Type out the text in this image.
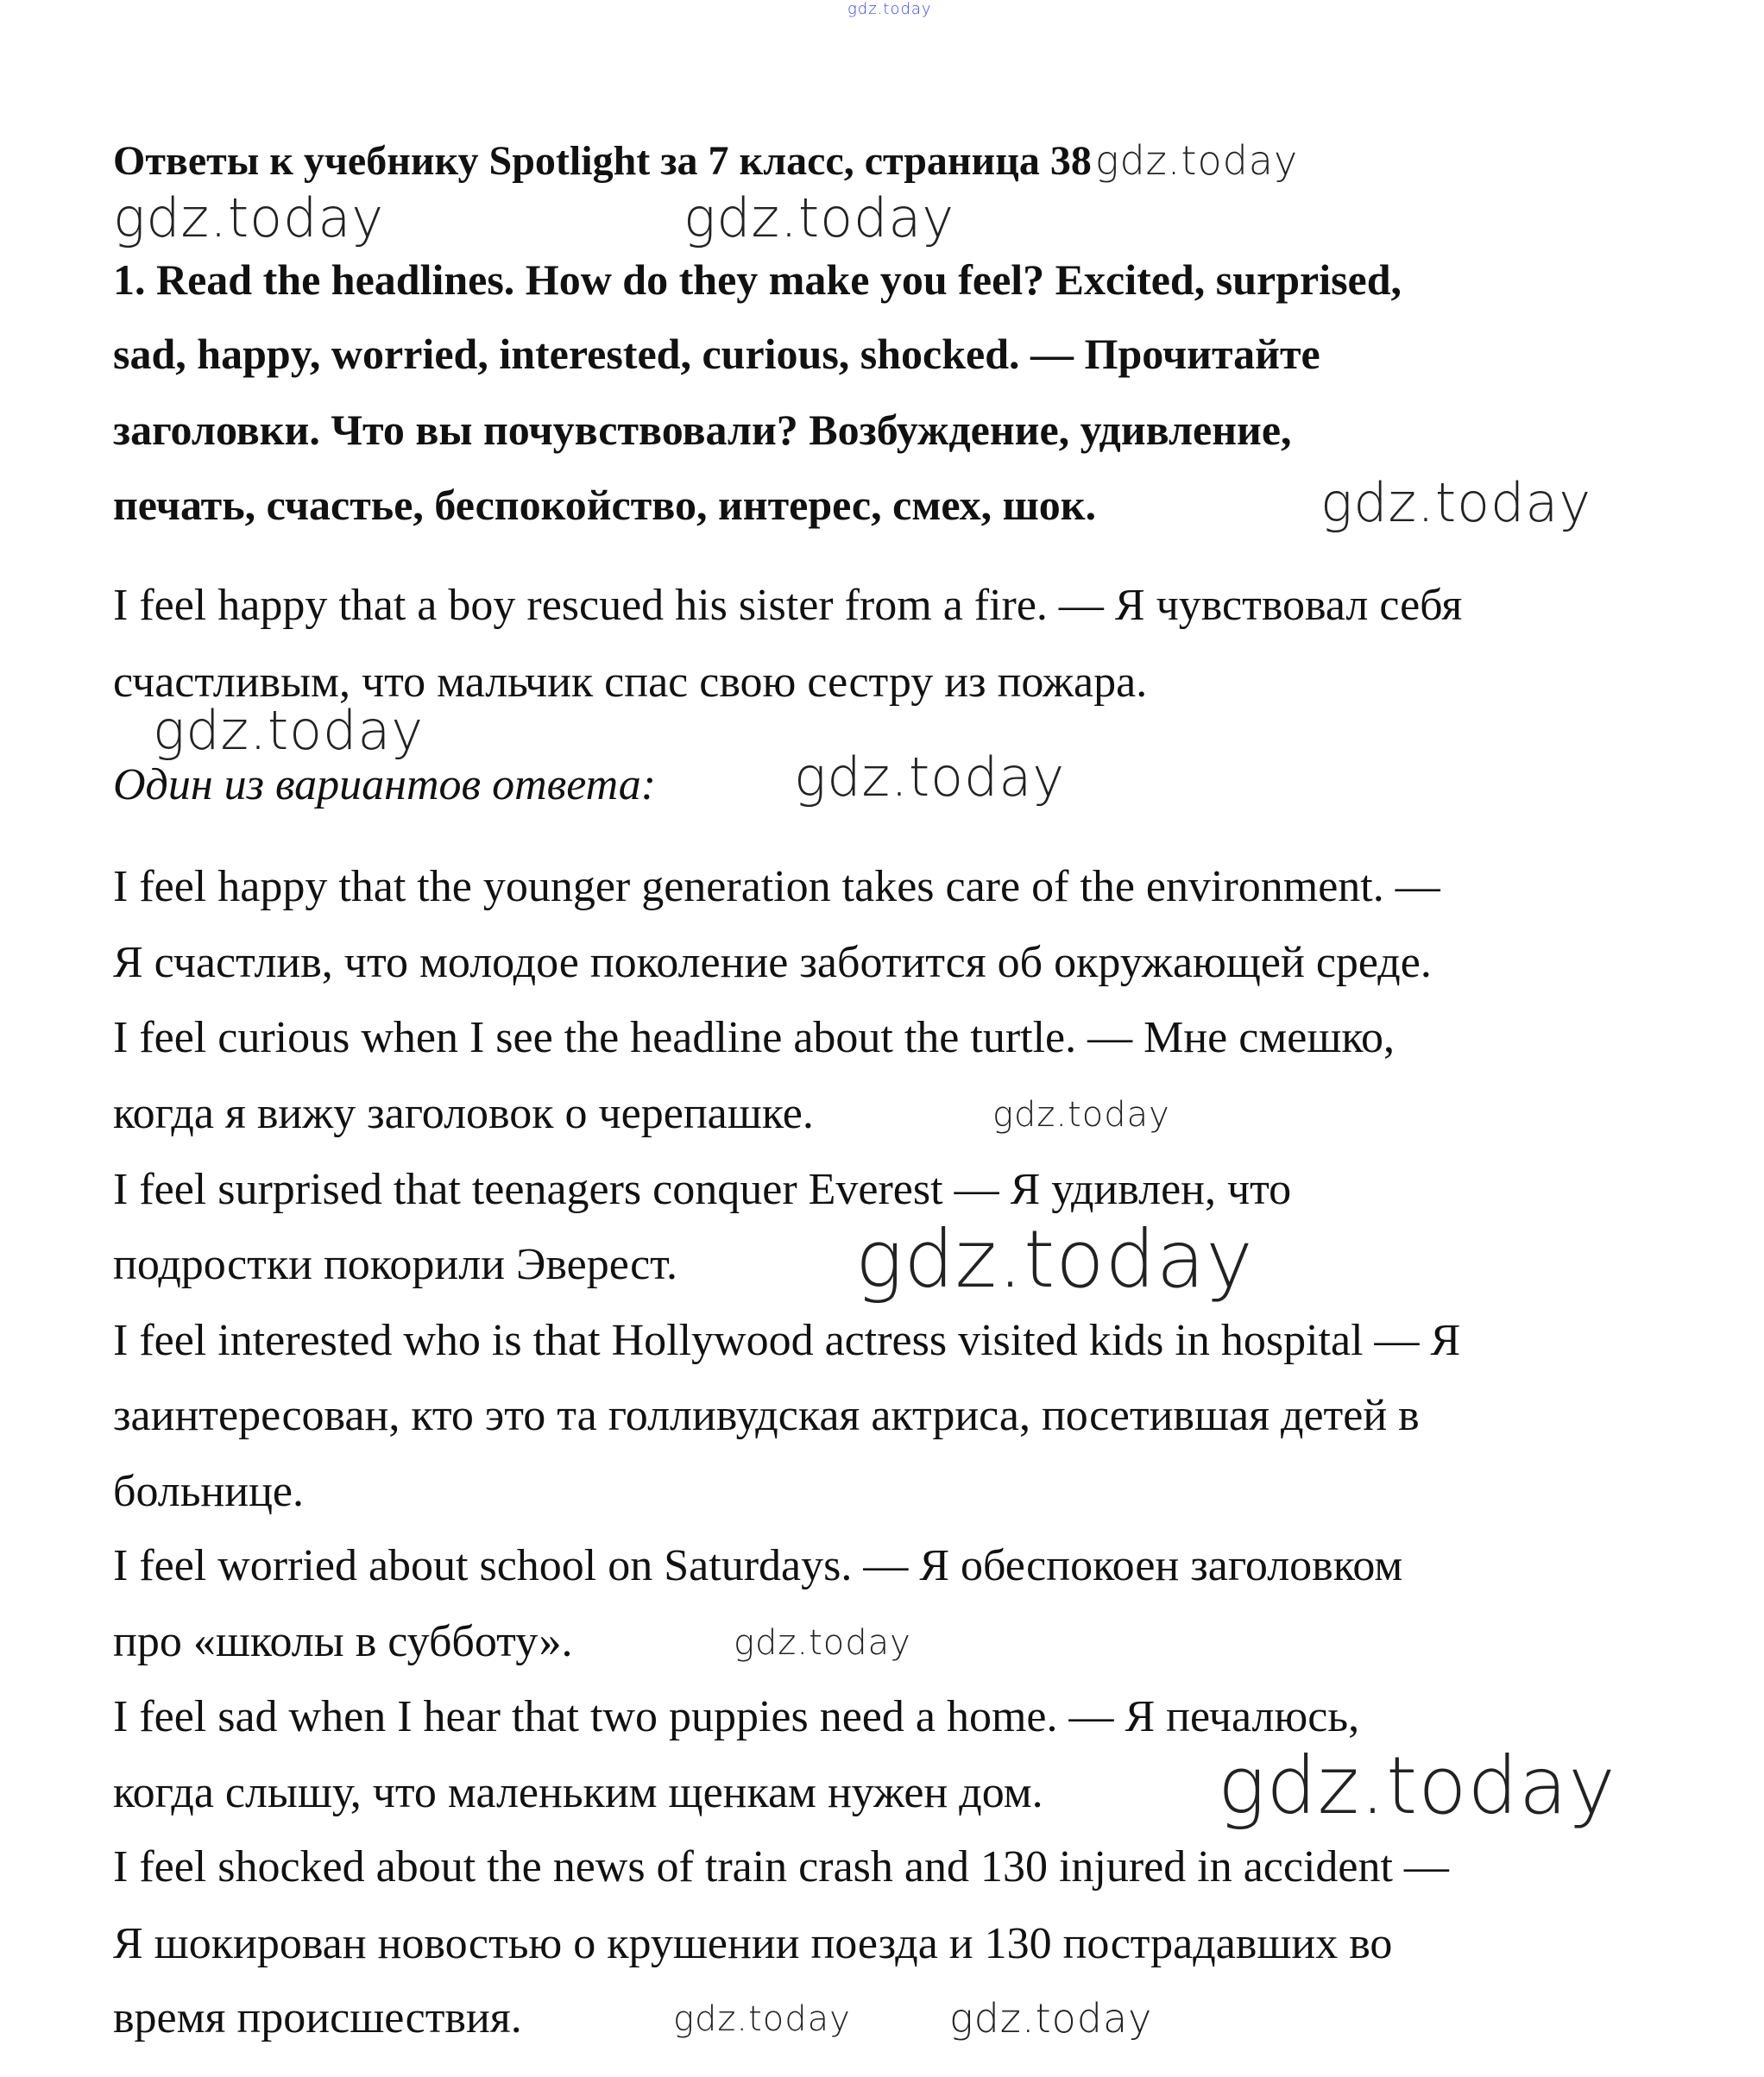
gdz.today
Ответы к учебнику Spotlight за 7 класс, страница 38gdz.today
gdz.today	gdz.today
1. Read the headlines. How do they make you feel? Excited, surprised,
sad, happy, worried, interested, curious, shocked. — Прочитайте
заголовки. Что вы почувствовали? Возбуждение, удивление,
печать, счастье, беспокойство, интерес, смех, шок.	gdz.today
I feel happy that a boy rescued his sister from a fire. — Я чувствовал себя
счастливым, что мальчик спас свою сестру из пожара.
gdz.today
gdz.today
Один из вариантов ответа:
I feel happy that the younger generation takes care of the environment. —
Я счастлив, что молодое поколение заботится об окружающей среде.
I feel curious when I see the headline about the turtle. — Мне смешко,
когда я вижу заголовок о черепашке.	gdz.today
I feel surprised that teenagers conquer Everest — Я удивлен, что
подростки покорили Эверест. gdz.today
I feel interested who is that Hollywood actress visited kids in hospital — Я
заинтересован, кто это та голливудская актриса, посетившая детей в
больнице.
I feel worried about school on Saturdays. — Я обеспокоен заголовком
про «школы в субботу».	gdz.today
I feel sad when I hear that two puppies need a home. — Я печалюсь,
когда слышу, что маленьким щенкам нужен дом. gdz.today
I feel shocked about the news of train crash and 130 injured in accident —
Я шокирован новостью о крушении поезда и 130 пострадавших во
время происшествия.	gdz.today gdz.today
